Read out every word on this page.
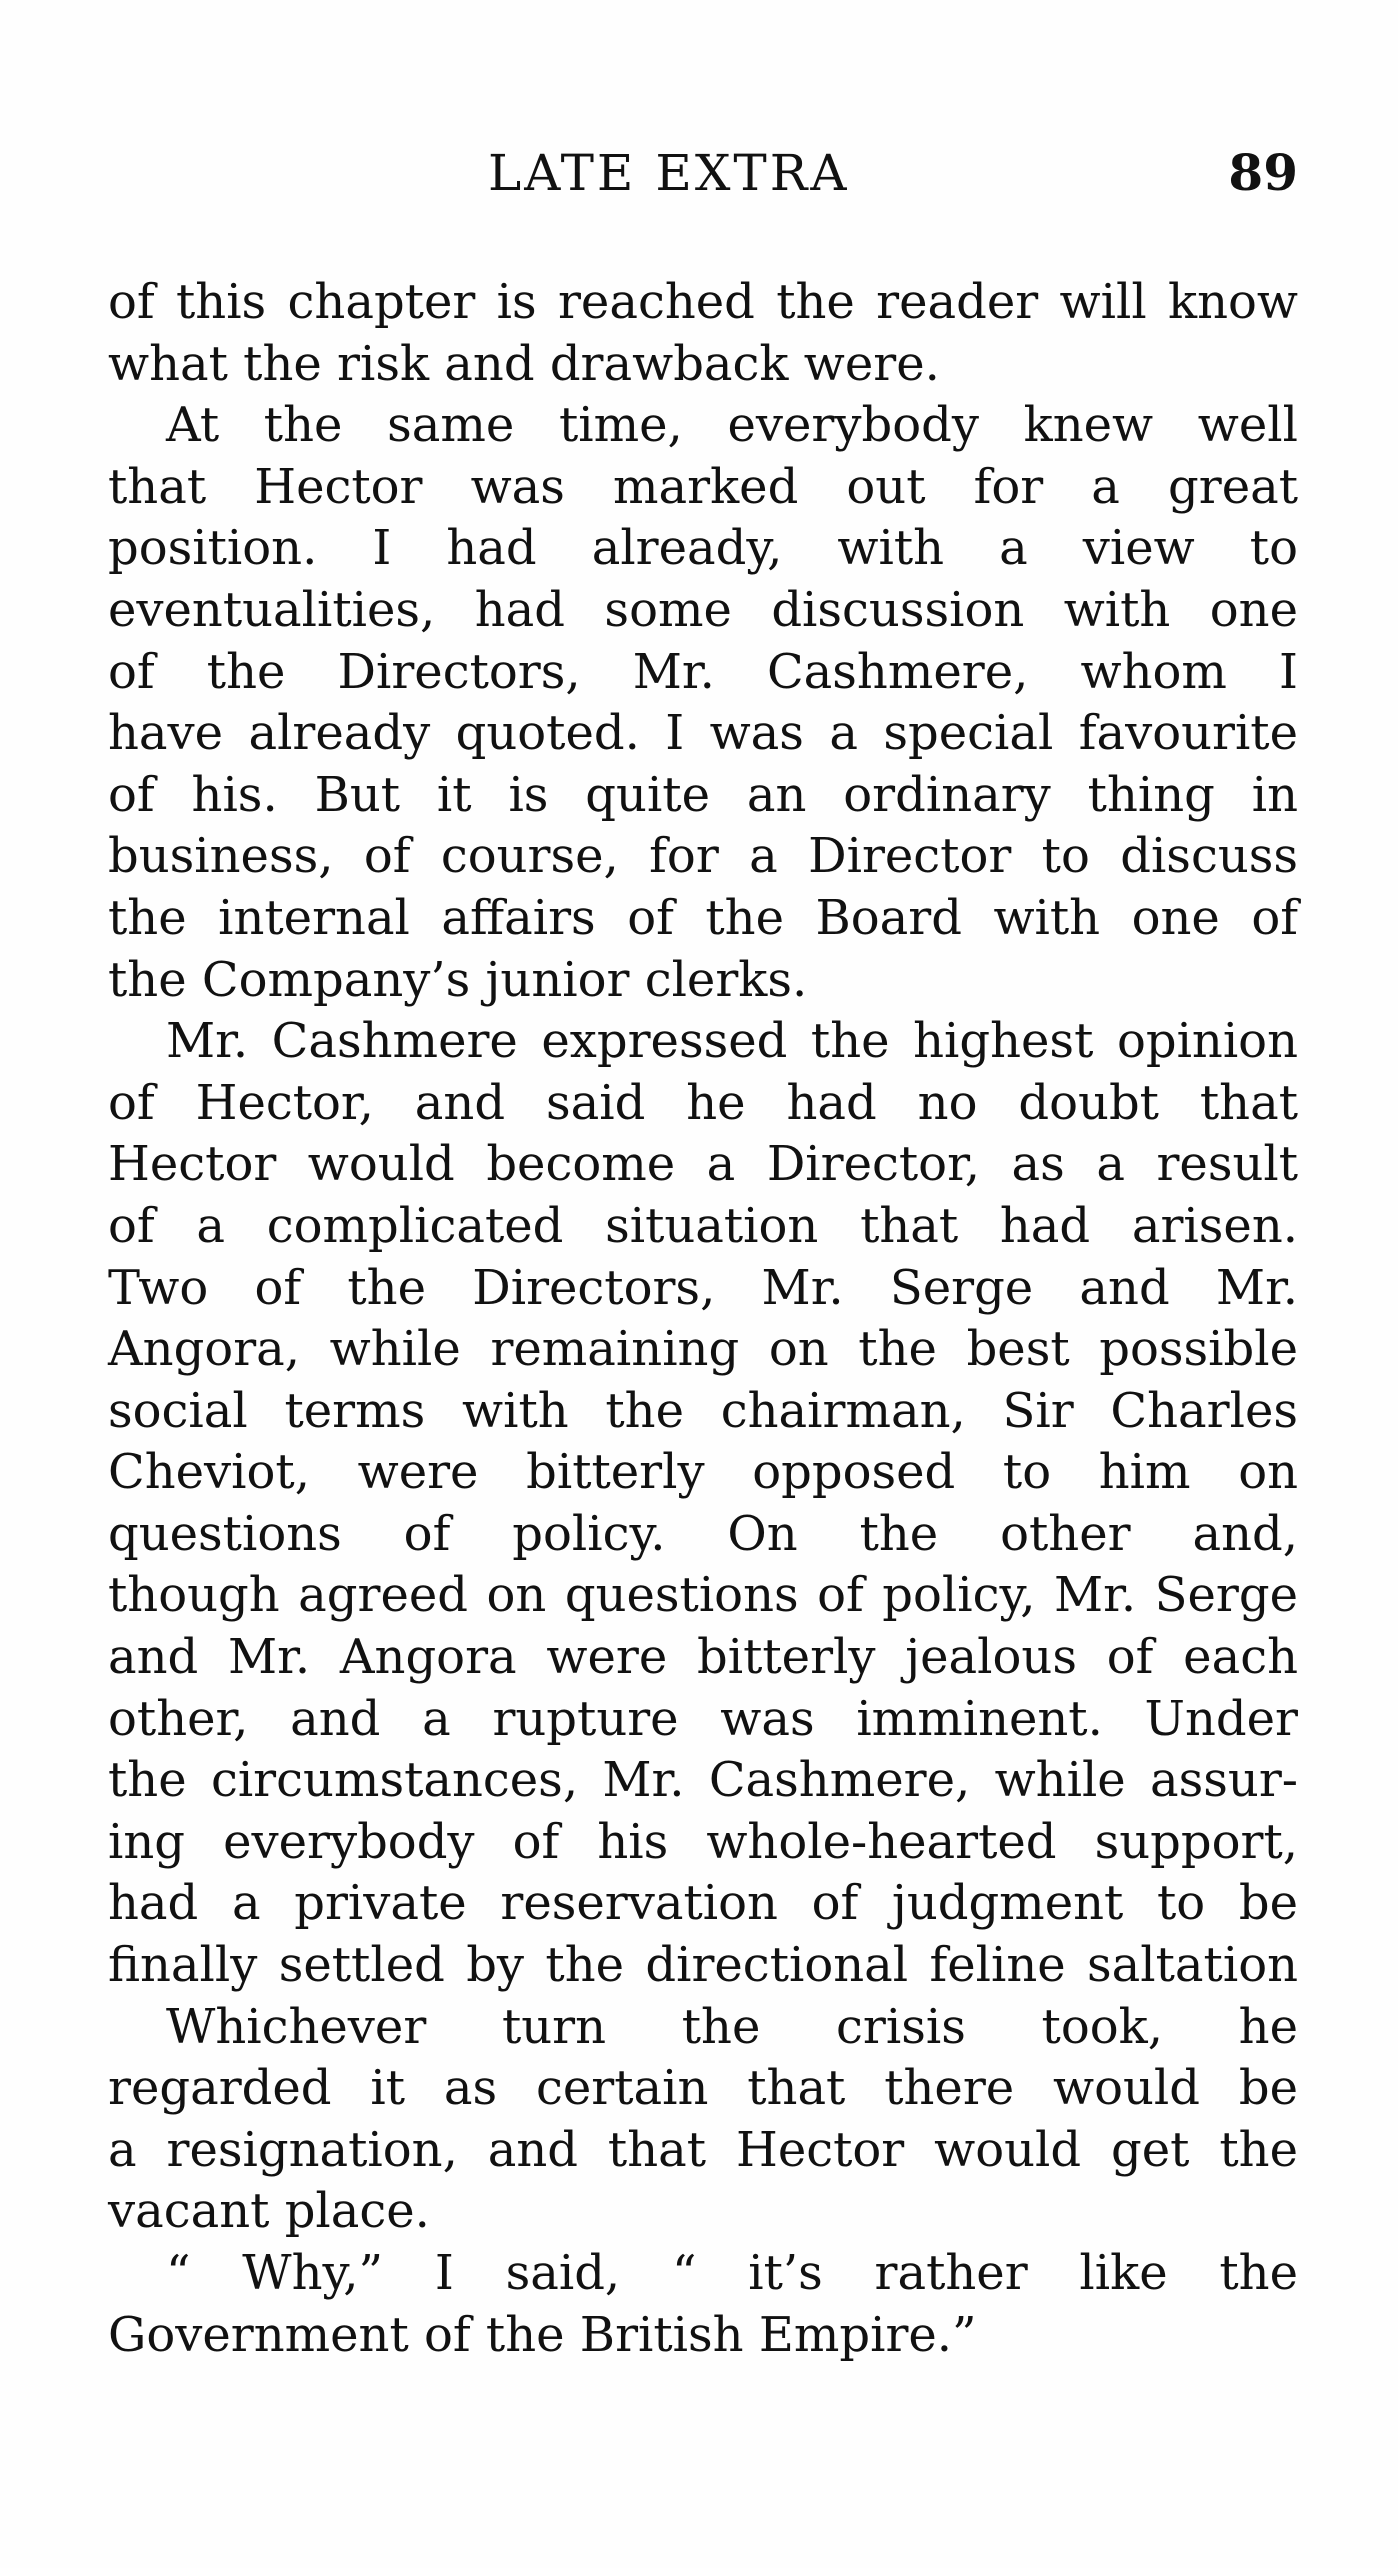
LATE EXTRA	89
of this chapter is reached the reader will know
what the risk and drawback were.
At the same time, everybody knew well
that Hector was marked out for a great
position. I had already, with a view to
eventualities, had some discussion with one
of the Directors, Mr. Cashmere, whom I
have already quoted. I was a special favourite
of his. But it is quite an ordinary thing in
business, of course, for a Director to discuss
the internal affairs of the Board with one of
the Company’s junior clerks.
Mr. Cashmere expressed the highest opinion
of Hector, and said he had no doubt that
Hector would become a Director, as a result
of a complicated situation that had arisen.
Two of the Directors, Mr. Serge and Mr.
Angora, while remaining on the best possible
social terms with the chairman, Sir Charles
Cheviot, were bitterly opposed to him on
questions of policy. On the other and,
though agreed on questions of policy, Mr. Serge
and Mr. Angora were bitterly jealous of each
other, and a rupture was imminent. Under
the circumstances, Mr. Cashmere, while assur-
ing everybody of his whole-hearted support,
had a private reservation of judgment to be
finally settled by the directional feline saltation
Whichever turn the crisis took, he
regarded it as certain that there would be
a resignation, and that Hector would get the
vacant place.
“ Why,” I said, “ it’s rather like the
Government of the British Empire.”
